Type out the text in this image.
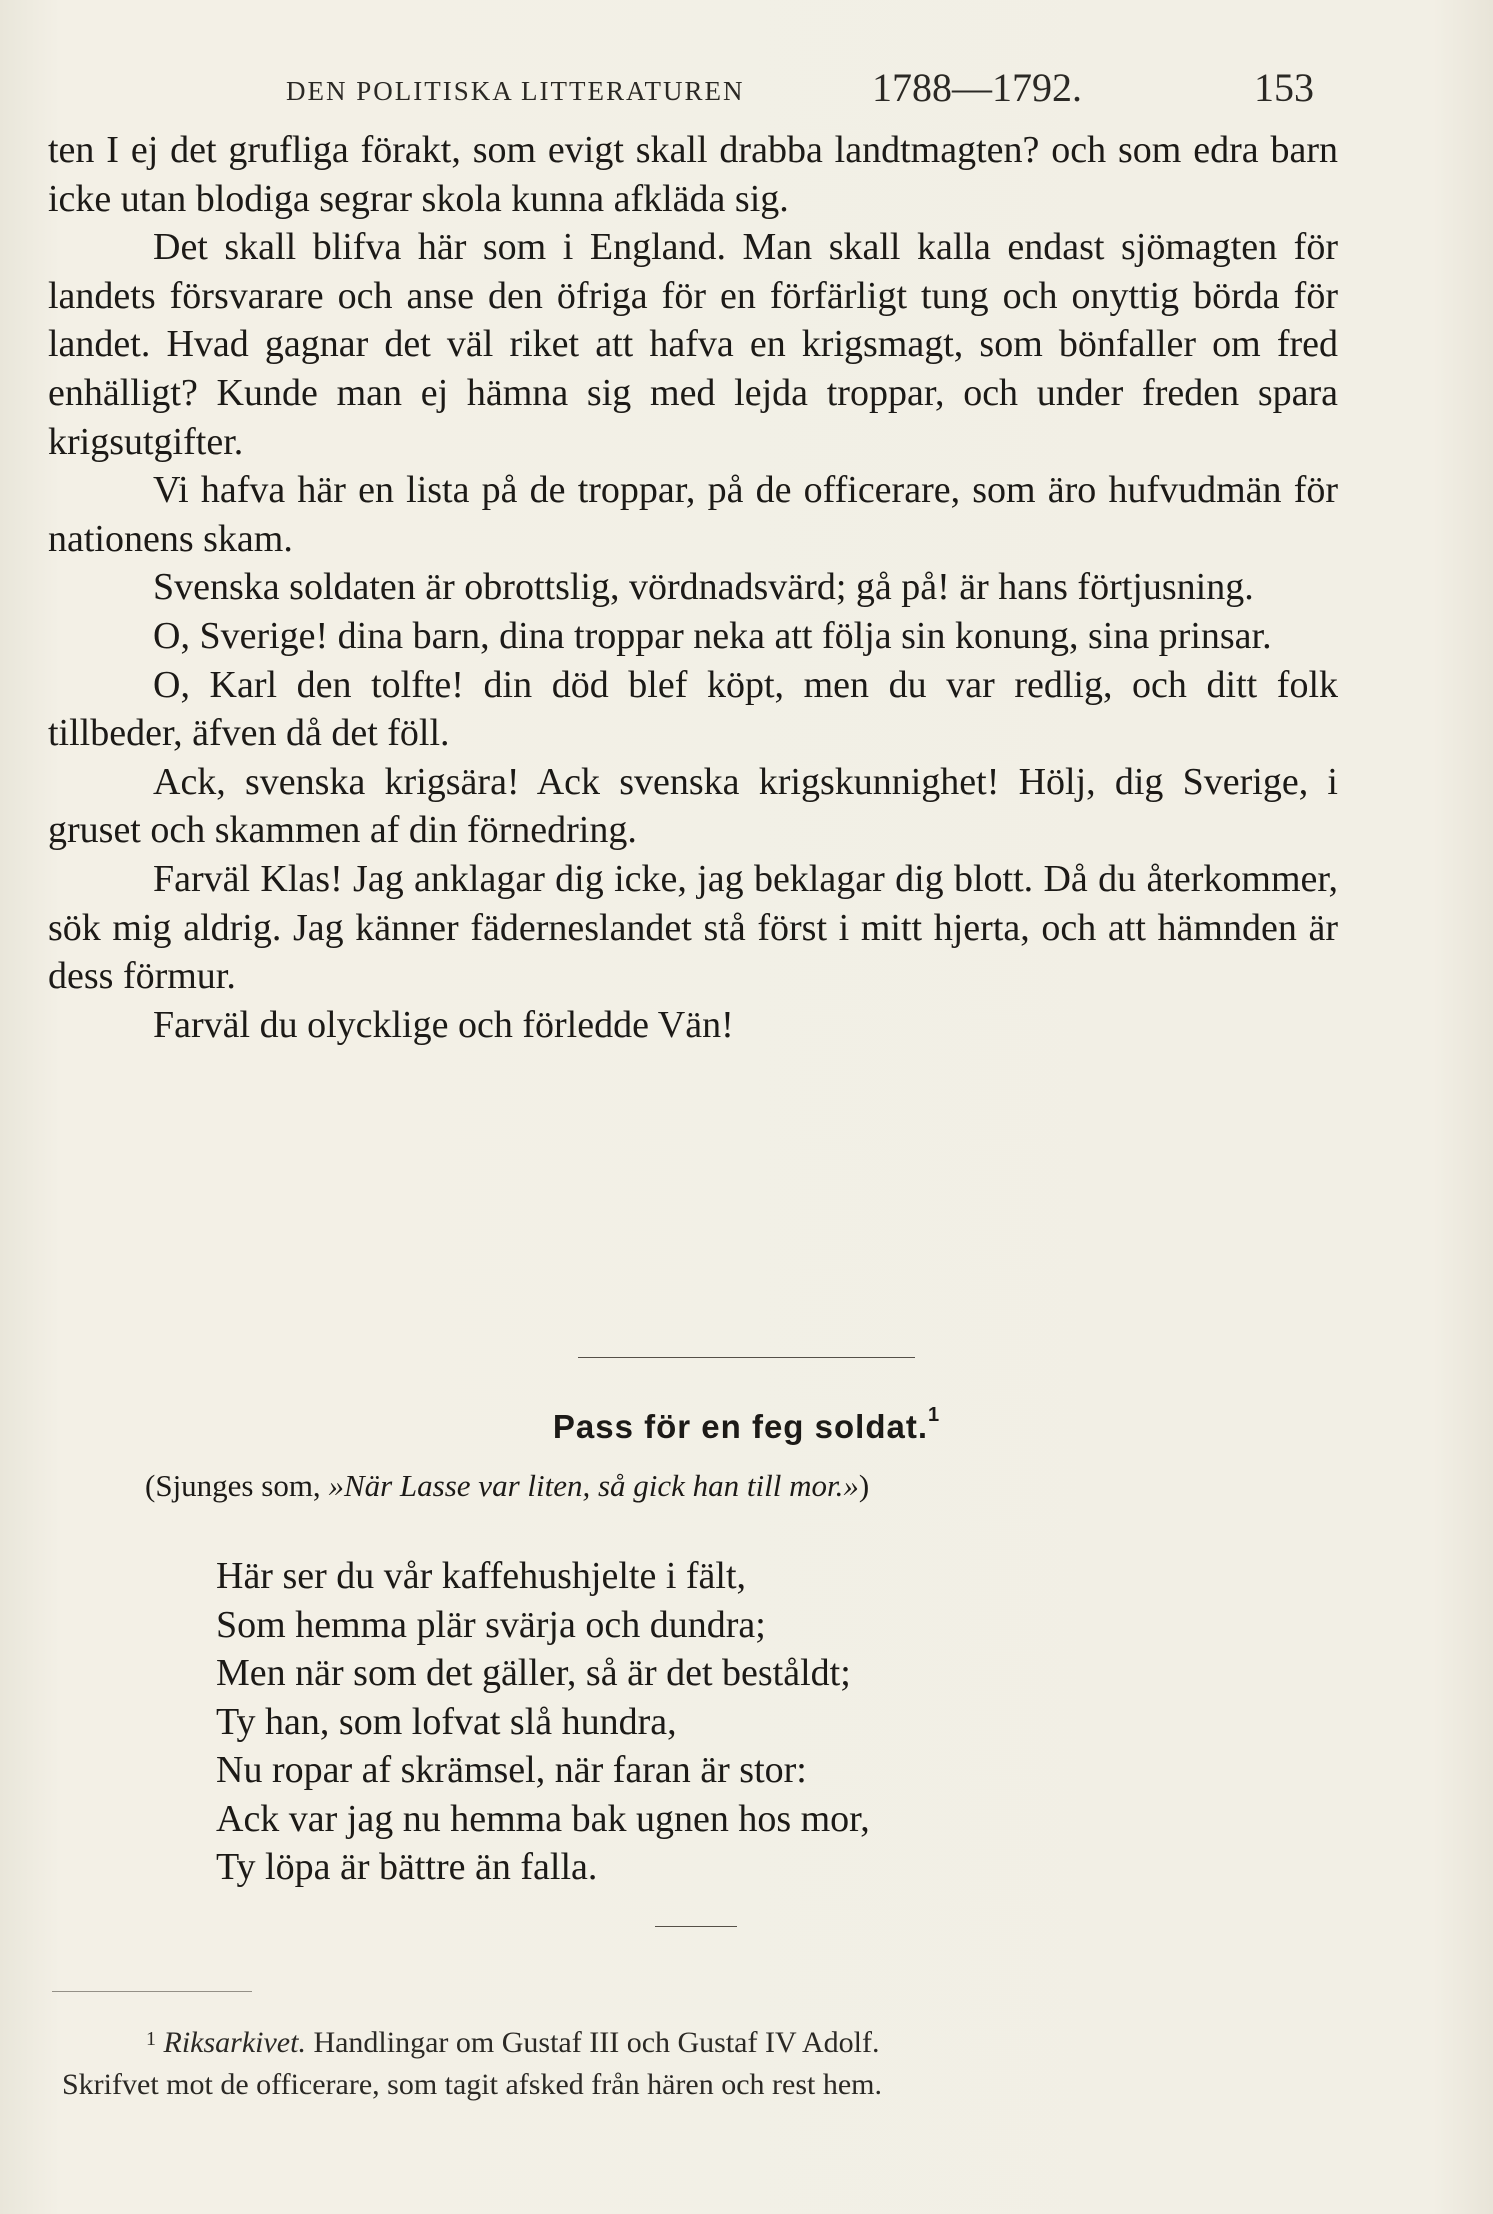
DEN POLITISKA LITTERATUREN	1788—1792.	153

ten I ej det grufliga förakt, som evigt skall drabba landtmagten? och som edra barn icke utan blodiga segrar skola kunna afkläda sig.

Det skall blifva här som i England. Man skall kalla endast sjömagten för landets försvarare och anse den öfriga för en förfärligt tung och onyttig börda för landet. Hvad gagnar det väl riket att hafva en krigsmagt, som bönfaller om fred enhälligt? Kunde man ej hämna sig med lejda troppar, och under freden spara krigsutgifter.

Vi hafva här en lista på de troppar, på de officerare, som äro hufvudmän för nationens skam.

Svenska soldaten är obrottslig, vördnadsvärd; gå på! är hans förtjusning.

O, Sverige! dina barn, dina troppar neka att följa sin konung, sina prinsar.

O, Karl den tolfte! din död blef köpt, men du var redlig, och ditt folk tillbeder, äfven då det föll.

Ack, svenska krigsära! Ack svenska krigskunnighet! Hölj, dig Sverige, i gruset och skammen af din förnedring.

Farväl Klas! Jag anklagar dig icke, jag beklagar dig blott. Då du återkommer, sök mig aldrig. Jag känner fäderneslandet stå först i mitt hjerta, och att hämnden är dess förmur.

Farväl du olycklige och förledde Vän!

Pass för en feg soldat.$^1$
(Sjunges som, »När Lasse var liten, så gick han till mor.»)
Här ser du vår kaffehushjelte i fält,
Som hemma plär svärja och dundra;
Men när som det gäller, så är det beståldt;
Ty han, som lofvat slå hundra,
Nu ropar af skrämsel, när faran är stor:
Ack var jag nu hemma bak ugnen hos mor,
Ty löpa är bättre än falla.
$^1$ Riksarkivet. Handlingar om Gustaf III och Gustaf IV Adolf.
Skrifvet mot de officerare, som tagit afsked från hären och rest hem.
